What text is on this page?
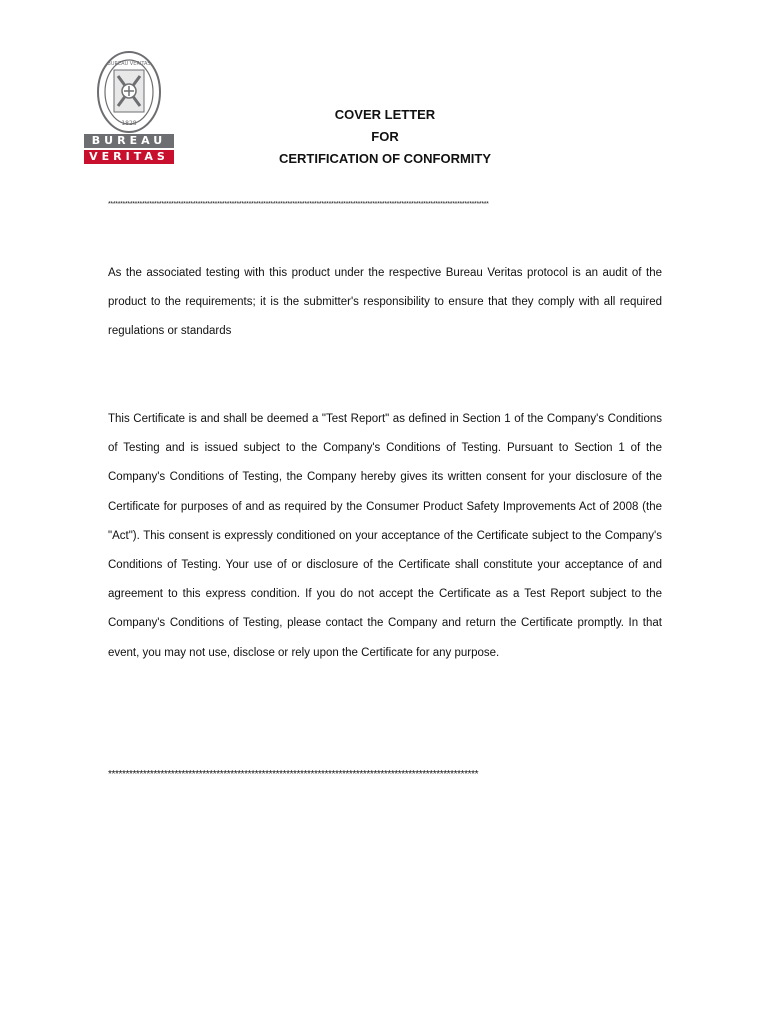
BUREAU VERITAS
1828
BUREAU
VERITAS
COVER LETTER
FOR
CERTIFICATION OF CONFORMITY
*************************************************************************************************************************************************************

As the associated testing with this product under the respective Bureau Veritas protocol is an audit of the product to the requirements; it is the submitter's responsibility to ensure that they comply with all required regulations or standards

This Certificate is and shall be deemed a "Test Report" as defined in Section 1 of the Company's Conditions of Testing and is issued subject to the Company's Conditions of Testing. Pursuant to Section 1 of the Company's Conditions of Testing, the Company hereby gives its written consent for your disclosure of the Certificate for purposes of and as required by the Consumer Product Safety Improvements Act of 2008 (the "Act"). This consent is expressly conditioned on your acceptance of the Certificate subject to the Company's Conditions of Testing. Your use of or disclosure of the Certificate shall constitute your acceptance of and agreement to this express condition. If you do not accept the Certificate as a Test Report subject to the Company's Conditions of Testing, please contact the Company and return the Certificate promptly. In that event, you may not use, disclose or rely upon the Certificate for any purpose.

**********************************************************************************************************
